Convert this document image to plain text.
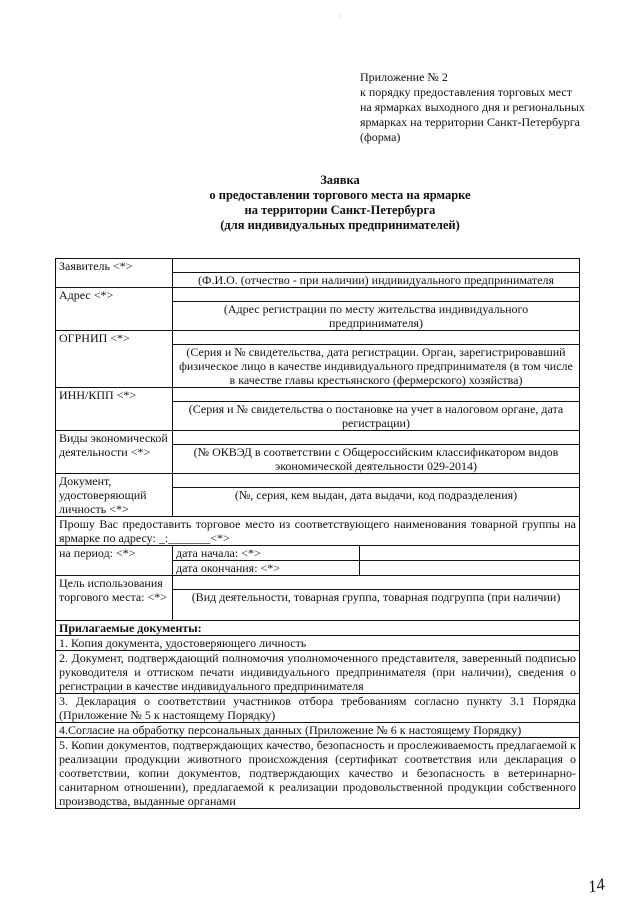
·
Приложение № 2
к порядку предоставления торговых мест
на ярмарках выходного дня и региональных
ярмарках на территории Санкт-Петербурга
(форма)
Заявка
о предоставлении торгового места на ярмарке
на территории Санкт-Петербурга
(для индивидуальных предпринимателей)
Заявитель <*>		
	(Ф.И.О. (отчество - при наличии) индивидуального предпринимателя	
Адрес <*>		
	(Адрес регистрации по месту жительства индивидуального предпринимателя)	
ОГРНИП <*>		
	(Серия и № свидетельства, дата регистрации. Орган, зарегистрировавший физическое лицо в качестве индивидуального предпринимателя (в том числе в качестве главы крестьянского (фермерского) хозяйства)	
ИНН/КПП <*>		
	(Серия и № свидетельства о постановке на учет в налоговом органе, дата регистрации)	
Виды экономической деятельности <*>		
	(№ ОКВЭД в соответствии с Общероссийским классификатором видов экономической деятельности 029-2014)	
Документ, удостоверяющий личность <*>		
	(№, серия, кем выдан, дата выдачи, код подразделения)	
Прошу Вас предоставить торговое место из соответствующего наименования товарной группы на ярмарке по адресу: _:_______<*>		
на период: <*>	дата начала: <*>	
	дата окончания: <*>	
Цель использования торгового места: <*>		
	(Вид деятельности, товарная группа, товарная подгруппа (при наличии)	
Прилагаемые документы:		
1. Копия документа, удостоверяющего личность		
2. Документ, подтверждающий полномочия уполномоченного представителя, заверенный подписью руководителя и оттиском печати индивидуального предпринимателя (при наличии), сведения о регистрации в качестве индивидуального предпринимателя		
3. Декларация о соответствии участников отбора требованиям согласно пункту 3.1 Порядка (Приложение № 5 к настоящему Порядку)		
4.Согласие на обработку персональных данных (Приложение № 6 к настоящему Порядку)		
5. Копии документов, подтверждающих качество, безопасность и прослеживаемость предлагаемой к реализации продукции животного происхождения (сертификат соответствия или декларация о соответствии, копии документов, подтверждающих качество и безопасность в ветеринарно-санитарном отношении), предлагаемой к реализации продовольственной продукции собственного производства, выданные органами		
14
